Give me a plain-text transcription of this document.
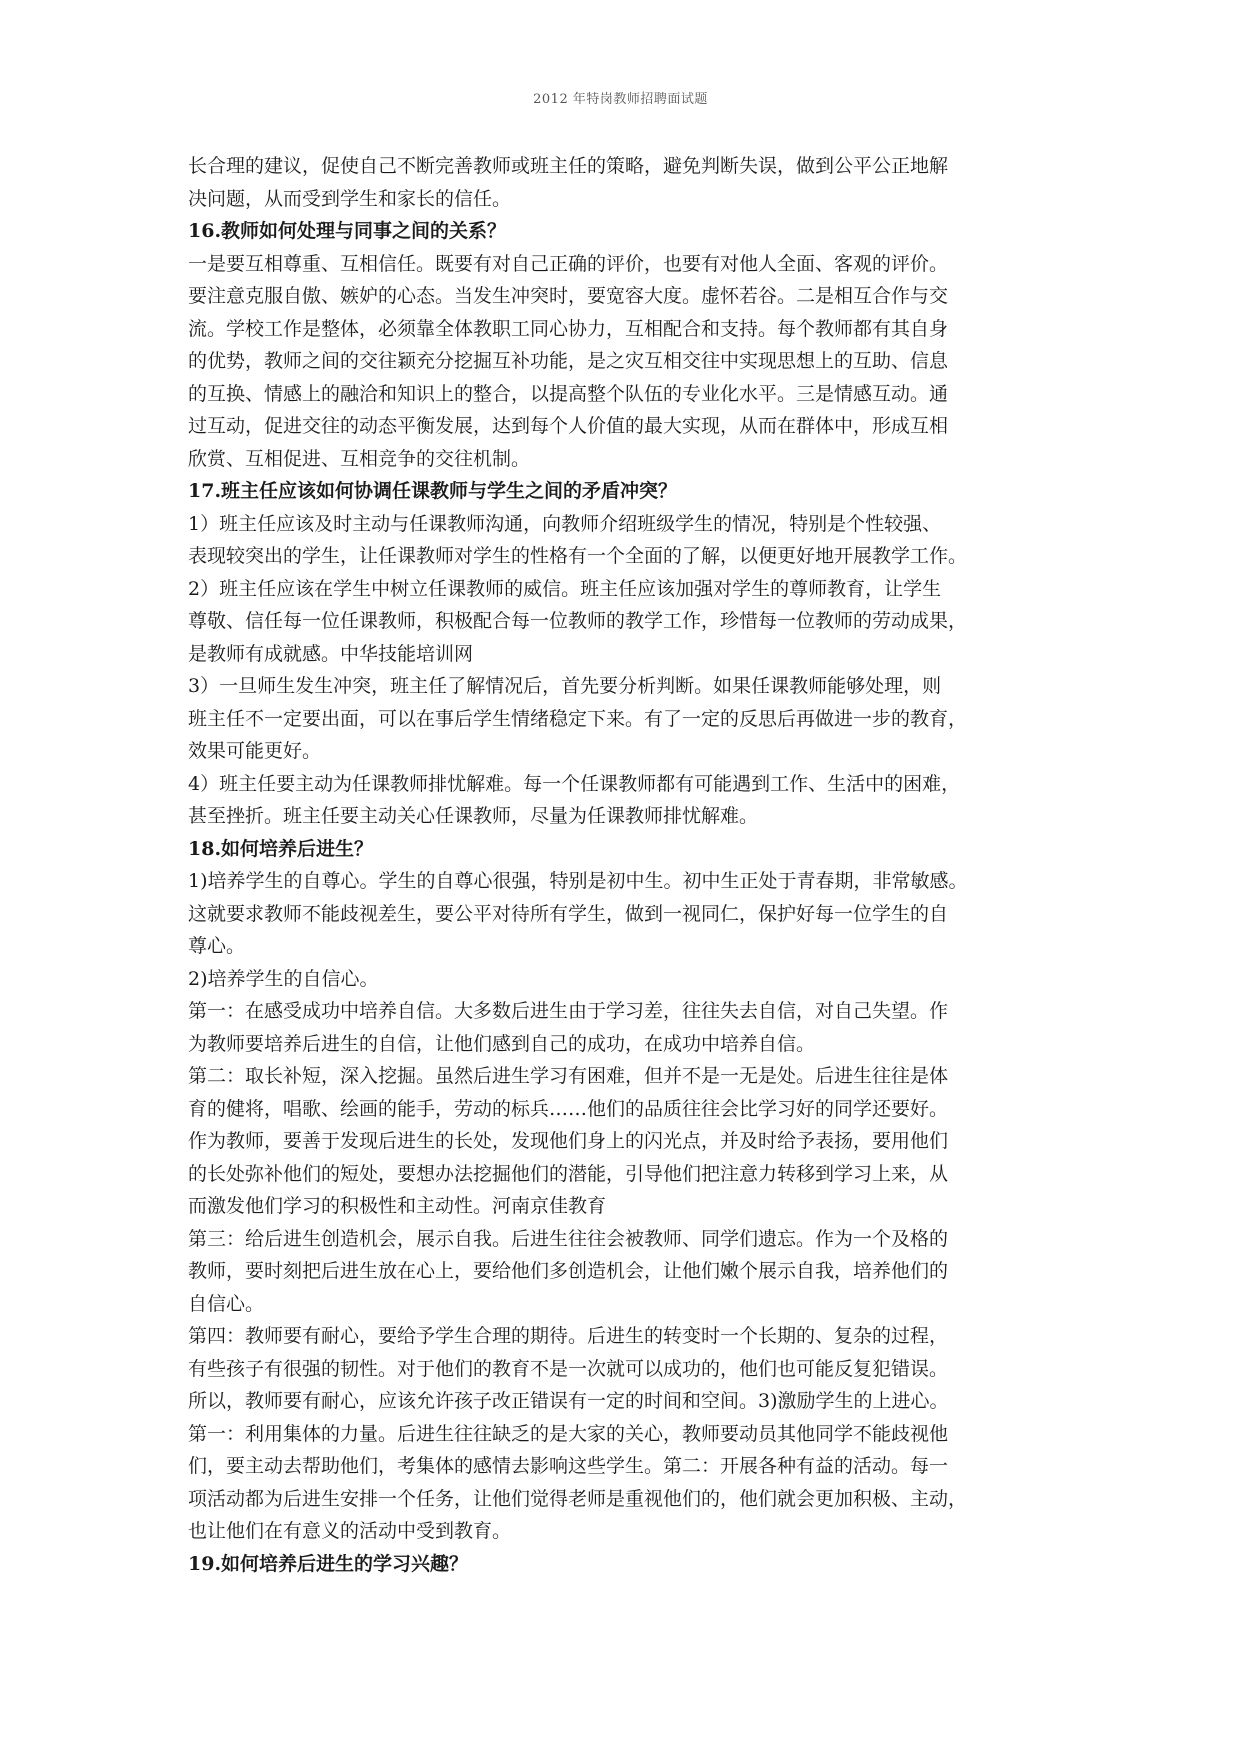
2012 年特岗教师招聘面试题
长合理的建议，促使自己不断完善教师或班主任的策略，避免判断失误，做到公平公正地解
决问题，从而受到学生和家长的信任。
16.教师如何处理与同事之间的关系？
一是要互相尊重、互相信任。既要有对自己正确的评价，也要有对他人全面、客观的评价。
要注意克服自傲、嫉妒的心态。当发生冲突时，要宽容大度。虚怀若谷。二是相互合作与交
流。学校工作是整体，必须靠全体教职工同心协力，互相配合和支持。每个教师都有其自身
的优势，教师之间的交往颖充分挖掘互补功能，是之灾互相交往中实现思想上的互助、信息
的互换、情感上的融洽和知识上的整合，以提高整个队伍的专业化水平。三是情感互动。通
过互动，促进交往的动态平衡发展，达到每个人价值的最大实现，从而在群体中，形成互相
欣赏、互相促进、互相竞争的交往机制。
17.班主任应该如何协调任课教师与学生之间的矛盾冲突？
1）班主任应该及时主动与任课教师沟通，向教师介绍班级学生的情况，特别是个性较强、
表现较突出的学生，让任课教师对学生的性格有一个全面的了解，以便更好地开展教学工作。
2）班主任应该在学生中树立任课教师的威信。班主任应该加强对学生的尊师教育，让学生
尊敬、信任每一位任课教师，积极配合每一位教师的教学工作，珍惜每一位教师的劳动成果，
是教师有成就感。中华技能培训网
3）一旦师生发生冲突，班主任了解情况后，首先要分析判断。如果任课教师能够处理，则
班主任不一定要出面，可以在事后学生情绪稳定下来。有了一定的反思后再做进一步的教育，
效果可能更好。
4）班主任要主动为任课教师排忧解难。每一个任课教师都有可能遇到工作、生活中的困难，
甚至挫折。班主任要主动关心任课教师，尽量为任课教师排忧解难。
18.如何培养后进生？
1)培养学生的自尊心。学生的自尊心很强，特别是初中生。初中生正处于青春期，非常敏感。
这就要求教师不能歧视差生，要公平对待所有学生，做到一视同仁，保护好每一位学生的自
尊心。
2)培养学生的自信心。
第一：在感受成功中培养自信。大多数后进生由于学习差，往往失去自信，对自己失望。作
为教师要培养后进生的自信，让他们感到自己的成功，在成功中培养自信。
第二：取长补短，深入挖掘。虽然后进生学习有困难，但并不是一无是处。后进生往往是体
育的健将，唱歌、绘画的能手，劳动的标兵……他们的品质往往会比学习好的同学还要好。
作为教师，要善于发现后进生的长处，发现他们身上的闪光点，并及时给予表扬，要用他们
的长处弥补他们的短处，要想办法挖掘他们的潜能，引导他们把注意力转移到学习上来，从
而激发他们学习的积极性和主动性。河南京佳教育
第三：给后进生创造机会，展示自我。后进生往往会被教师、同学们遗忘。作为一个及格的
教师，要时刻把后进生放在心上，要给他们多创造机会，让他们嫩个展示自我，培养他们的
自信心。
第四：教师要有耐心，要给予学生合理的期待。后进生的转变时一个长期的、复杂的过程，
有些孩子有很强的韧性。对于他们的教育不是一次就可以成功的，他们也可能反复犯错误。
所以，教师要有耐心，应该允许孩子改正错误有一定的时间和空间。3)激励学生的上进心。
第一：利用集体的力量。后进生往往缺乏的是大家的关心，教师要动员其他同学不能歧视他
们，要主动去帮助他们，考集体的感情去影响这些学生。第二：开展各种有益的活动。每一
项活动都为后进生安排一个任务，让他们觉得老师是重视他们的，他们就会更加积极、主动，
也让他们在有意义的活动中受到教育。
19.如何培养后进生的学习兴趣？
